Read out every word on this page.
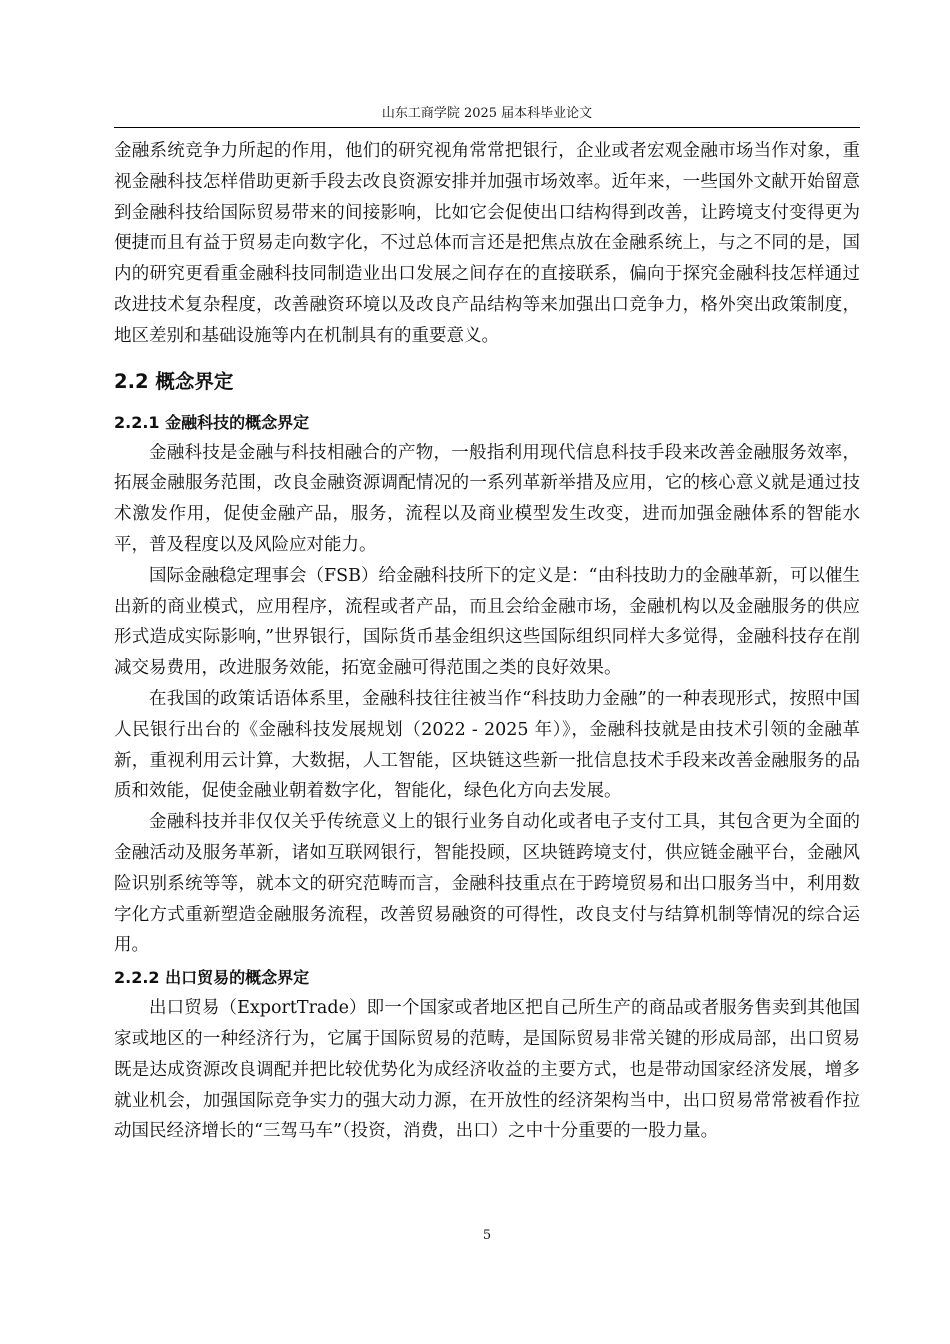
山东工商学院 2025 届本科毕业论文

金融系统竞争力所起的作用，他们的研究视角常常把银行，企业或者宏观金融市场当作对象，重视金融科技怎样借助更新手段去改良资源安排并加强市场效率。近年来，一些国外文献开始留意到金融科技给国际贸易带来的间接影响，比如它会促使出口结构得到改善，让跨境支付变得更为便捷而且有益于贸易走向数字化，不过总体而言还是把焦点放在金融系统上，与之不同的是，国内的研究更看重金融科技同制造业出口发展之间存在的直接联系，偏向于探究金融科技怎样通过改进技术复杂程度，改善融资环境以及改良产品结构等来加强出口竞争力，格外突出政策制度，地区差别和基础设施等内在机制具有的重要意义。

2.2 概念界定
2.2.1 金融科技的概念界定

金融科技是金融与科技相融合的产物，一般指利用现代信息科技手段来改善金融服务效率，拓展金融服务范围，改良金融资源调配情况的一系列革新举措及应用，它的核心意义就是通过技术激发作用，促使金融产品，服务，流程以及商业模型发生改变，进而加强金融体系的智能水平，普及程度以及风险应对能力。

国际金融稳定理事会（FSB）给金融科技所下的定义是：“由科技助力的金融革新，可以催生出新的商业模式，应用程序，流程或者产品，而且会给金融市场，金融机构以及金融服务的供应形式造成实际影响，”世界银行，国际货币基金组织这些国际组织同样大多觉得，金融科技存在削减交易费用，改进服务效能，拓宽金融可得范围之类的良好效果。

在我国的政策话语体系里，金融科技往往被当作“科技助力金融”的一种表现形式，按照中国人民银行出台的《金融科技发展规划（2022 - 2025 年）》，金融科技就是由技术引领的金融革新，重视利用云计算，大数据，人工智能，区块链这些新一批信息技术手段来改善金融服务的品质和效能，促使金融业朝着数字化，智能化，绿色化方向去发展。

金融科技并非仅仅关乎传统意义上的银行业务自动化或者电子支付工具，其包含更为全面的金融活动及服务革新，诸如互联网银行，智能投顾，区块链跨境支付，供应链金融平台，金融风险识别系统等等，就本文的研究范畴而言，金融科技重点在于跨境贸易和出口服务当中，利用数字化方式重新塑造金融服务流程，改善贸易融资的可得性，改良支付与结算机制等情况的综合运用。

2.2.2 出口贸易的概念界定

出口贸易（ExportTrade）即一个国家或者地区把自己所生产的商品或者服务售卖到其他国家或地区的一种经济行为，它属于国际贸易的范畴，是国际贸易非常关键的形成局部，出口贸易既是达成资源改良调配并把比较优势化为成经济收益的主要方式，也是带动国家经济发展，增多就业机会，加强国际竞争实力的强大动力源，在开放性的经济架构当中，出口贸易常常被看作拉动国民经济增长的“三驾马车”（投资，消费，出口）之中十分重要的一股力量。

5
